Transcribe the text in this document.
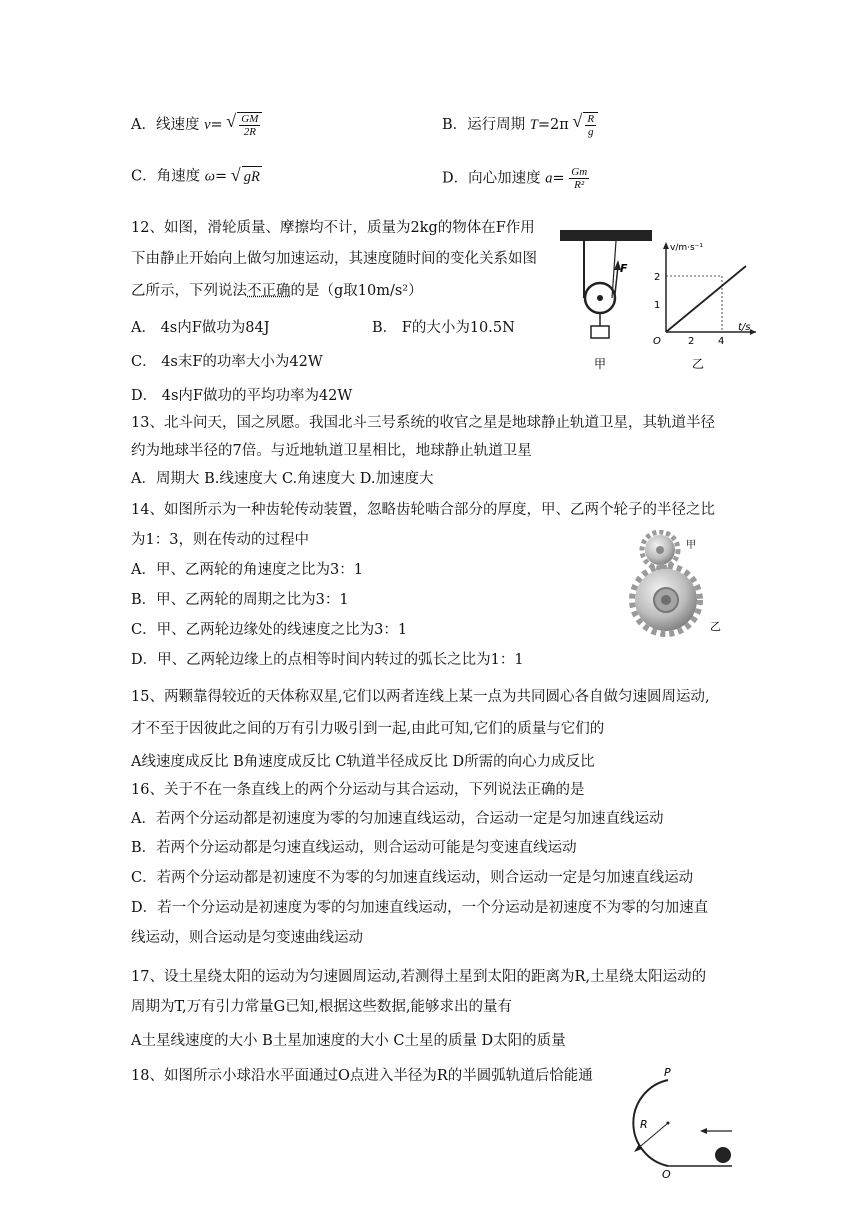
A．线速度 v= √ $\frac{GM}{2R}$	B．运行周期 T=2π √ $\frac{R}{g}$
C．角速度 ω= √ gR	D．向心加速度 $a= \frac{Gm}{\text{R²}}$
12、如图，滑轮质量、摩擦均不计，质量为2kg的物体在F作用
下由静止开始向上做匀加速运动，其速度随时间的变化关系如图
乙所示，下列说法不正确的是（g取10m/s²）
A． 4s内F做功为84J	B． F的大小为10.5N
C． 4s末F的功率大小为42W
D． 4s内F做功的平均功率为42W
F
甲
v/m·s⁻¹
t/s
2
1
2 4
O
乙
13、北斗问天，国之夙愿。我国北斗三号系统的收官之星是地球静止轨道卫星，其轨道半径
约为地球半径的7倍。与近地轨道卫星相比，地球静止轨道卫星
A．周期大 B.线速度大 C.角速度大 D.加速度大
14、如图所示为一种齿轮传动装置，忽略齿轮啮合部分的厚度，甲、乙两个轮子的半径之比
为1：3，则在传动的过程中
A．甲、乙两轮的角速度之比为3：1
B．甲、乙两轮的周期之比为3：1
C．甲、乙两轮边缘处的线速度之比为3：1
D．甲、乙两轮边缘上的点相等时间内转过的弧长之比为1：1
甲
乙
15、两颗靠得较近的天体称双星,它们以两者连线上某一点为共同圆心各自做匀速圆周运动,
才不至于因彼此之间的万有引力吸引到一起,由此可知,它们的质量与它们的
A线速度成反比 B角速度成反比 C轨道半径成反比 D所需的向心力成反比
16、关于不在一条直线上的两个分运动与其合运动，下列说法正确的是
A．若两个分运动都是初速度为零的匀加速直线运动，合运动一定是匀加速直线运动
B．若两个分运动都是匀速直线运动，则合运动可能是匀变速直线运动
C．若两个分运动都是初速度不为零的匀加速直线运动，则合运动一定是匀加速直线运动
D．若一个分运动是初速度为零的匀加速直线运动，一个分运动是初速度不为零的匀加速直
线运动，则合运动是匀变速曲线运动
17、设土星绕太阳的运动为匀速圆周运动,若测得土星到太阳的距离为R,土星绕太阳运动的
周期为T,万有引力常量G已知,根据这些数据,能够求出的量有
A土星线速度的大小 B土星加速度的大小 C土星的质量 D太阳的质量
18、如图所示小球沿水平面通过O点进入半径为R的半圆弧轨道后恰能通	P
R
O
